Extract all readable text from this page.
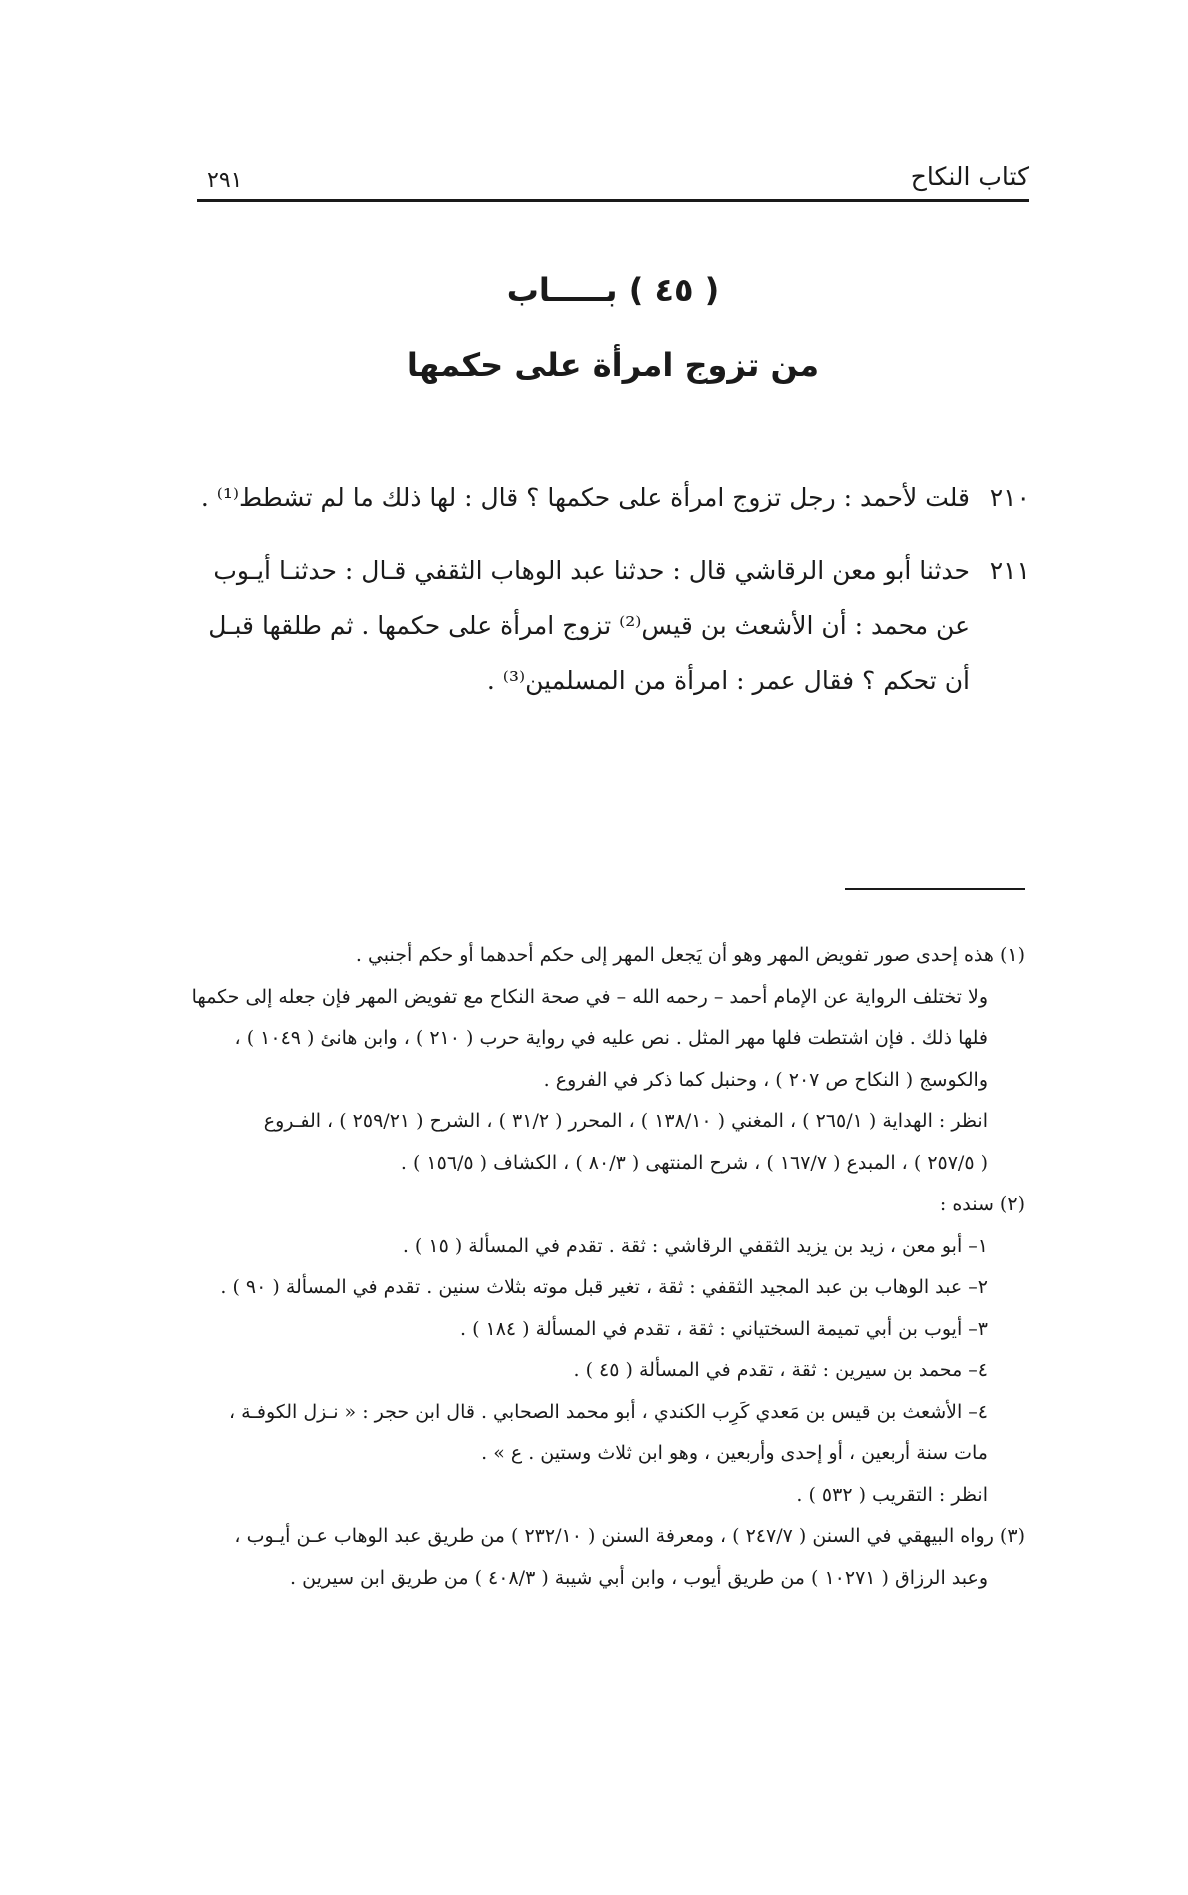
كتاب النكاح
٢٩١
( ٤٥ ) بـــــاب
من تزوج امرأة على حكمها
٢١٠قلت لأحمد : رجل تزوج امرأة على حكمها ؟ قال : لها ذلك ما لم تشطط⁽¹⁾ .
٢١١حدثنا أبو معن الرقاشي قال : حدثنا عبد الوهاب الثقفي قـال : حدثنـا أيـوب
عن محمد : أن الأشعث بن قيس⁽²⁾ تزوج امرأة على حكمها . ثم طلقها قبـل
أن تحكم ؟ فقال عمر : امرأة من المسلمين⁽³⁾ .
(١) هذه إحدى صور تفويض المهر وهو أن يَجعل المهر إلى حكم أحدهما أو حكم أجنبي .
ولا تختلف الرواية عن الإمام أحمد – رحمه الله – في صحة النكاح مع تفويض المهر فإن جعله إلى حكمها
فلها ذلك . فإن اشتطت فلها مهر المثل . نص عليه في رواية حرب ( ٢١٠ ) ، وابن هانئ ( ١٠٤٩ ) ،
والكوسج ( النكاح ص ٢٠٧ ) ، وحنبل كما ذكر في الفروع .
انظر : الهداية ( ٢٦٥/١ ) ، المغني ( ١٣٨/١٠ ) ، المحرر ( ٣١/٢ ) ، الشرح ( ٢٥٩/٢١ ) ، الفـروع
( ٢٥٧/٥ ) ، المبدع ( ١٦٧/٧ ) ، شرح المنتهى ( ٨٠/٣ ) ، الكشاف ( ١٥٦/٥ ) .
(٢) سنده :
١– أبو معن ، زيد بن يزيد الثقفي الرقاشي : ثقة . تقدم في المسألة ( ١٥ ) .
٢– عبد الوهاب بن عبد المجيد الثقفي : ثقة ، تغير قبل موته بثلاث سنين . تقدم في المسألة ( ٩٠ ) .
٣– أيوب بن أبي تميمة السختياني : ثقة ، تقدم في المسألة ( ١٨٤ ) .
٤– محمد بن سيرين : ثقة ، تقدم في المسألة ( ٤٥ ) .
٤– الأشعث بن قيس بن مَعدي كَرِب الكندي ، أبو محمد الصحابي . قال ابن حجر : « نـزل الكوفـة ،
مات سنة أربعين ، أو إحدى وأربعين ، وهو ابن ثلاث وستين . ع » .
انظر : التقريب ( ٥٣٢ ) .
(٣) رواه البيهقي في السنن ( ٢٤٧/٧ ) ، ومعرفة السنن ( ٢٣٢/١٠ ) من طريق عبد الوهاب عـن أيـوب ،
وعبد الرزاق ( ١٠٢٧١ ) من طريق أيوب ، وابن أبي شيبة ( ٤٠٨/٣ ) من طريق ابن سيرين .
